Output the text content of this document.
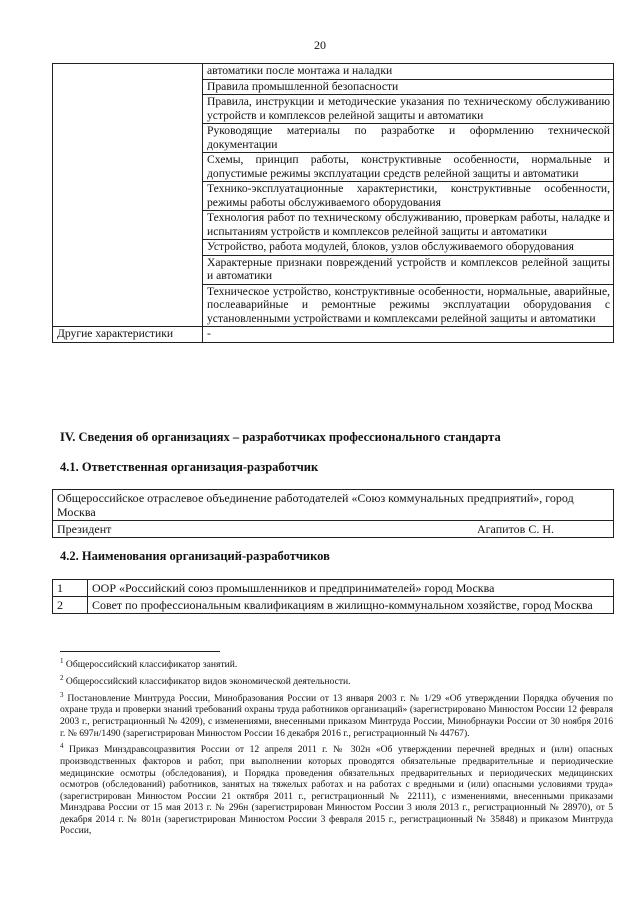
20
	автоматики после монтажа и наладки
	Правила промышленной безопасности
	Правила, инструкции и методические указания по техническому обслуживанию устройств и комплексов релейной защиты и автоматики
	Руководящие материалы по разработке и оформлению технической документации
	Схемы, принцип работы, конструктивные особенности, нормальные и допустимые режимы эксплуатации средств релейной защиты и автоматики
	Технико-эксплуатационные характеристики, конструктивные особенности, режимы работы обслуживаемого оборудования
	Технология работ по техническому обслуживанию, проверкам работы, наладке и испытаниям устройств и комплексов релейной защиты и автоматики
	Устройство, работа модулей, блоков, узлов обслуживаемого оборудования
	Характерные признаки повреждений устройств и комплексов релейной защиты и автоматики
	Техническое устройство, конструктивные особенности, нормальные, аварийные, послеаварийные и ремонтные режимы эксплуатации оборудования с установленными устройствами и комплексами релейной защиты и автоматики
Другие характеристики	-
IV. Сведения об организациях – разработчиках профессионального стандарта
4.1. Ответственная организация-разработчик
Общероссийское отраслевое объединение работодателей «Союз коммунальных предприятий», город Москва

Президент	Агапитов С. Н.
4.2. Наименования организаций-разработчиков
1	ООР «Российский союз промышленников и предпринимателей» город Москва
2	Совет по профессиональным квалификациям в жилищно-коммунальном хозяйстве, город Москва

$^1$ Общероссийский классификатор занятий.

$^2$ Общероссийский классификатор видов экономической деятельности.

$^3$ Постановление Минтруда России, Минобразования России от 13 января 2003 г. № 1/29 «Об утверждении Порядка обучения по охране труда и проверки знаний требований охраны труда работников организаций» (зарегистрировано Минюстом России 12 февраля 2003 г., регистрационный № 4209), с изменениями, внесенными приказом Минтруда России, Минобрнауки России от 30 ноября 2016 г. № 697н/1490 (зарегистрирован Минюстом России 16 декабря 2016 г., регистрационный № 44767).

$^4$ Приказ Минздравсоцразвития России от 12 апреля 2011 г. № 302н «Об утверждении перечней вредных и (или) опасных производственных факторов и работ, при выполнении которых проводятся обязательные предварительные и периодические медицинские осмотры (обследования), и Порядка проведения обязательных предварительных и периодических медицинских осмотров (обследований) работников, занятых на тяжелых работах и на работах с вредными и (или) опасными условиями труда» (зарегистрирован Минюстом России 21 октября 2011 г., регистрационный № 22111), с изменениями, внесенными приказами Минздрава России от 15 мая 2013 г. № 296н (зарегистрирован Минюстом России 3 июля 2013 г., регистрационный № 28970), от 5 декабря 2014 г. № 801н (зарегистрирован Минюстом России 3 февраля 2015 г., регистрационный № 35848) и приказом Минтруда России,
